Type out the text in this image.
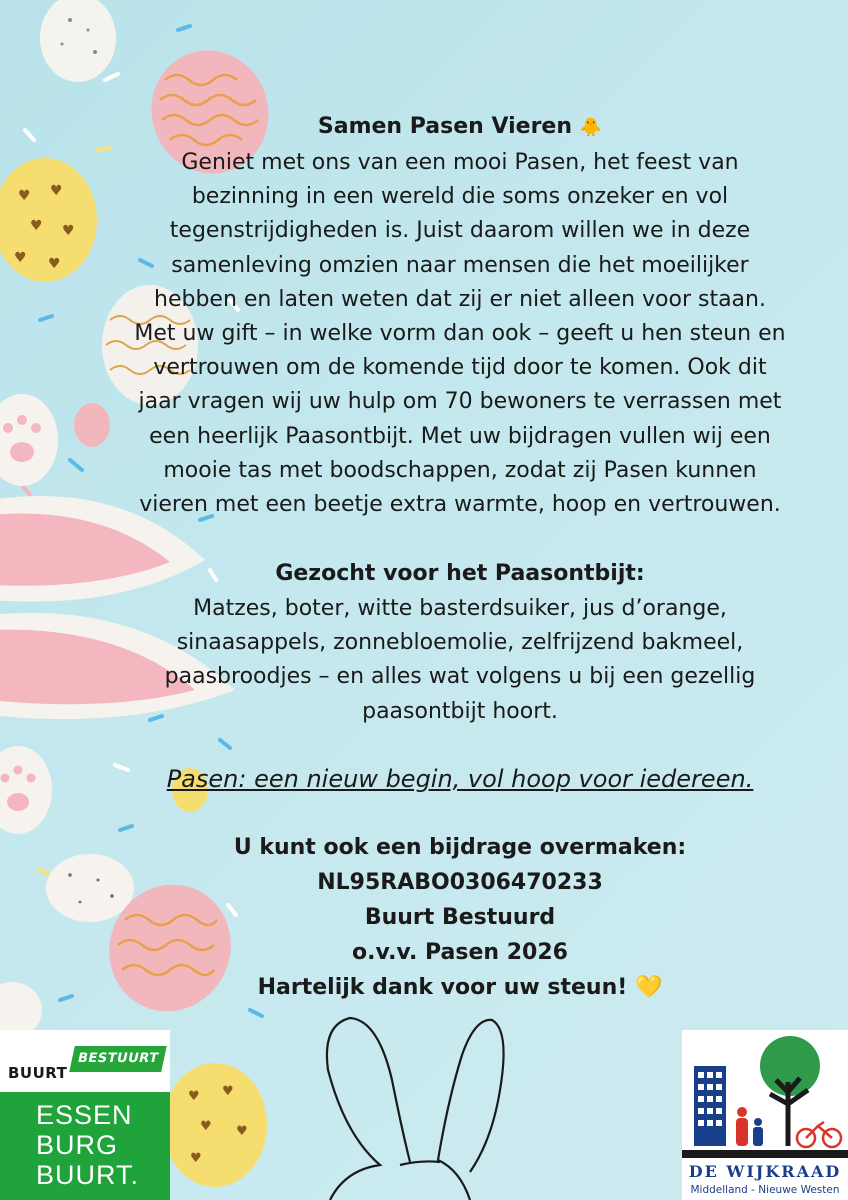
♥ ♥
♥ ♥
♥ ♥
♥ ♥
♥ ♥
♥
Samen Pasen Vieren 🐥
Geniet met ons van een mooi Pasen, het feest van
bezinning in een wereld die soms onzeker en vol
tegenstrijdigheden is. Juist daarom willen we in deze
samenleving omzien naar mensen die het moeilijker
hebben en laten weten dat zij er niet alleen voor staan.
Met uw gift – in welke vorm dan ook – geeft u hen steun en
vertrouwen om de komende tijd door te komen. Ook dit
jaar vragen wij uw hulp om 70 bewoners te verrassen met
een heerlijk Paasontbijt. Met uw bijdragen vullen wij een
mooie tas met boodschappen, zodat zij Pasen kunnen
vieren met een beetje extra warmte, hoop en vertrouwen.
Gezocht voor het Paasontbijt:
Matzes, boter, witte basterdsuiker, jus d’orange,
sinaasappels, zonnebloemolie, zelfrijzend bakmeel,
paasbroodjes – en alles wat volgens u bij een gezellig
paasontbijt hoort.
Pasen: een nieuw begin, vol hoop voor iedereen.
U kunt ook een bijdrage overmaken:
NL95RABO0306470233
Buurt Bestuurd
o.v.v. Pasen 2026
Hartelijk dank voor uw steun! 💛
BUURT
BESTUURT
ESSEN
BURG
BUURT.	DE WIJKRAAD
Middelland - Nieuwe Westen
